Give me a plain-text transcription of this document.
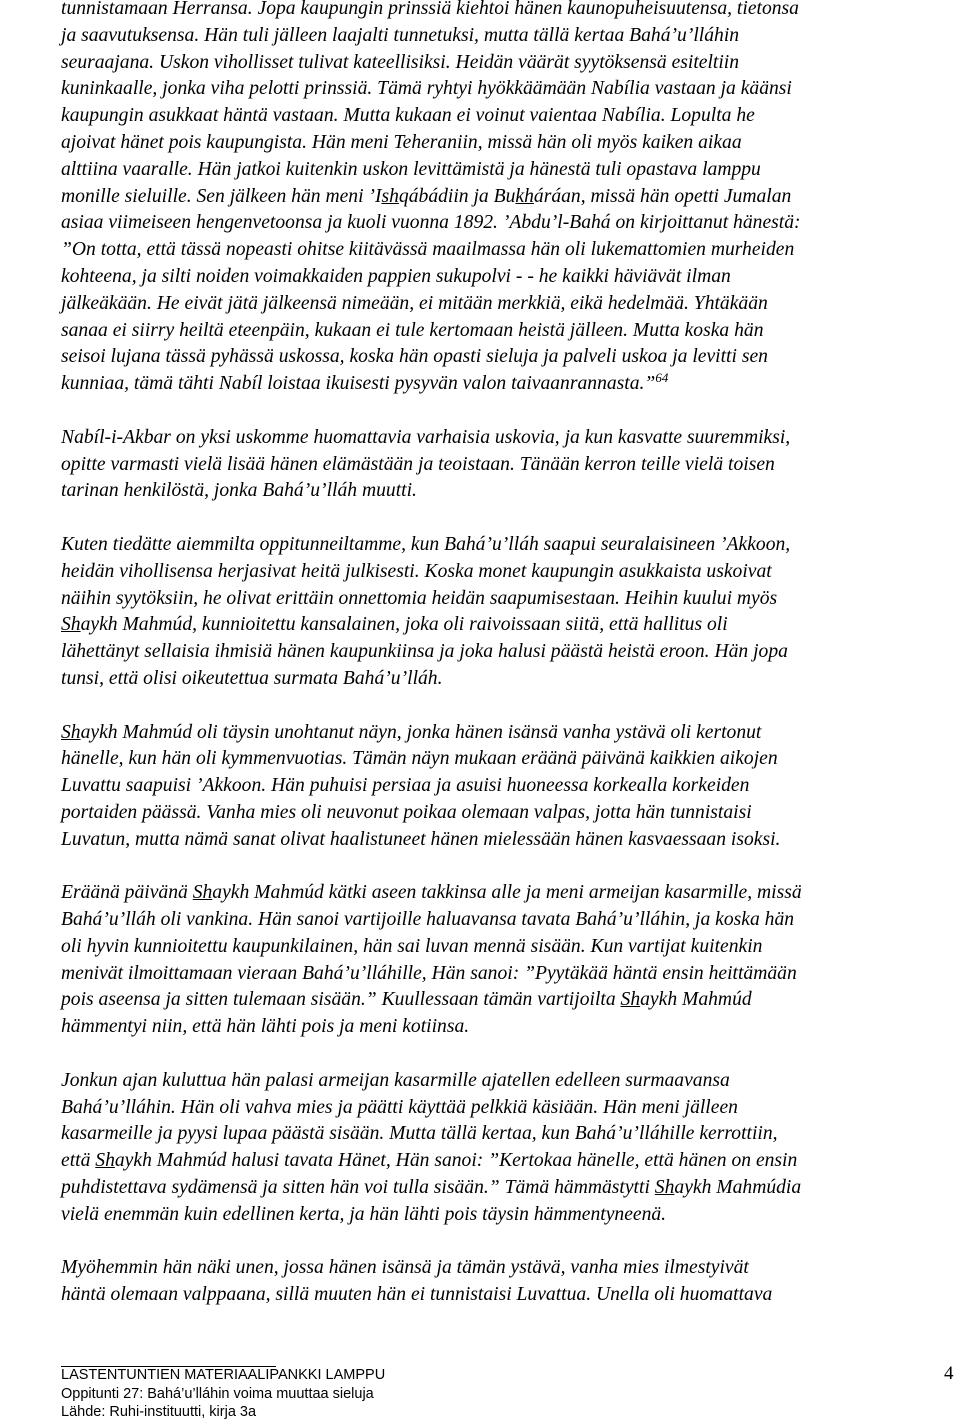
tunnistamaan Herransa. Jopa kaupungin prinssiä kiehtoi hänen kaunopuheisuutensa, tietonsa
ja saavutuksensa. Hän tuli jälleen laajalti tunnetuksi, mutta tällä kertaa Bahá’u’lláhin
seuraajana. Uskon vihollisset tulivat kateellisiksi. Heidän väärät syytöksensä esiteltiin
kuninkaalle, jonka viha pelotti prinssiä. Tämä ryhtyi hyökkäämään Nabília vastaan ja käänsi
kaupungin asukkaat häntä vastaan. Mutta kukaan ei voinut vaientaa Nabília. Lopulta he
ajoivat hänet pois kaupungista. Hän meni Teheraniin, missä hän oli myös kaiken aikaa
alttiina vaaralle. Hän jatkoi kuitenkin uskon levittämistä ja hänestä tuli opastava lamppu
monille sieluille. Sen jälkeen hän meni ’Ishqábádiin ja Bukháráan, missä hän opetti Jumalan
asiaa viimeiseen hengenvetoonsa ja kuoli vuonna 1892. ’Abdu’l-Bahá on kirjoittanut hänestä:
”On totta, että tässä nopeasti ohitse kiitävässä maailmassa hän oli lukemattomien murheiden
kohteena, ja silti noiden voimakkaiden pappien sukupolvi - - he kaikki häviävät ilman
jälkeäkään. He eivät jätä jälkeensä nimeään, ei mitään merkkiä, eikä hedelmää. Yhtäkään
sanaa ei siirry heiltä eteenpäin, kukaan ei tule kertomaan heistä jälleen. Mutta koska hän
seisoi lujana tässä pyhässä uskossa, koska hän opasti sieluja ja palveli uskoa ja levitti sen
kunniaa, tämä tähti Nabíl loistaa ikuisesti pysyvän valon taivaanrannasta.”$^{64}$

Nabíl-i-Akbar on yksi uskomme huomattavia varhaisia uskovia, ja kun kasvatte suuremmiksi,
opitte varmasti vielä lisää hänen elämästään ja teoistaan. Tänään kerron teille vielä toisen
tarinan henkilöstä, jonka Bahá’u’lláh muutti.

Kuten tiedätte aiemmilta oppitunneiltamme, kun Bahá’u’lláh saapui seuralaisineen ’Akkoon,
heidän vihollisensa herjasivat heitä julkisesti. Koska monet kaupungin asukkaista uskoivat
näihin syytöksiin, he olivat erittäin onnettomia heidän saapumisestaan. Heihin kuului myös
Shaykh Mahmúd, kunnioitettu kansalainen, joka oli raivoissaan siitä, että hallitus oli
lähettänyt sellaisia ihmisiä hänen kaupunkiinsa ja joka halusi päästä heistä eroon. Hän jopa
tunsi, että olisi oikeutettua surmata Bahá’u’lláh.

Shaykh Mahmúd oli täysin unohtanut näyn, jonka hänen isänsä vanha ystävä oli kertonut
hänelle, kun hän oli kymmenvuotias. Tämän näyn mukaan eräänä päivänä kaikkien aikojen
Luvattu saapuisi ’Akkoon. Hän puhuisi persiaa ja asuisi huoneessa korkealla korkeiden
portaiden päässä. Vanha mies oli neuvonut poikaa olemaan valpas, jotta hän tunnistaisi
Luvatun, mutta nämä sanat olivat haalistuneet hänen mielessään hänen kasvaessaan isoksi.

Eräänä päivänä Shaykh Mahmúd kätki aseen takkinsa alle ja meni armeijan kasarmille, missä
Bahá’u’lláh oli vankina. Hän sanoi vartijoille haluavansa tavata Bahá’u’lláhin, ja koska hän
oli hyvin kunnioitettu kaupunkilainen, hän sai luvan mennä sisään. Kun vartijat kuitenkin
menivät ilmoittamaan vieraan Bahá’u’lláhille, Hän sanoi: ”Pyytäkää häntä ensin heittämään
pois aseensa ja sitten tulemaan sisään.” Kuullessaan tämän vartijoilta Shaykh Mahmúd
hämmentyi niin, että hän lähti pois ja meni kotiinsa.

Jonkun ajan kuluttua hän palasi armeijan kasarmille ajatellen edelleen surmaavansa
Bahá’u’lláhin. Hän oli vahva mies ja päätti käyttää pelkkiä käsiään. Hän meni jälleen
kasarmeille ja pyysi lupaa päästä sisään. Mutta tällä kertaa, kun Bahá’u’lláhille kerrottiin,
että Shaykh Mahmúd halusi tavata Hänet, Hän sanoi: ”Kertokaa hänelle, että hänen on ensin
puhdistettava sydämensä ja sitten hän voi tulla sisään.” Tämä hämmästytti Shaykh Mahmúdia
vielä enemmän kuin edellinen kerta, ja hän lähti pois täysin hämmentyneenä.

Myöhemmin hän näki unen, jossa hänen isänsä ja tämän ystävä, vanha mies ilmestyivät
häntä olemaan valppaana, sillä muuten hän ei tunnistaisi Luvattua. Unella oli huomattava

LASTENTUNTIEN MATERIAALIPANKKI LAMPPU
Oppitunti 27: Bahá’u’lláhin voima muuttaa sieluja
Lähde: Ruhi-instituutti, kirja 3a
4
